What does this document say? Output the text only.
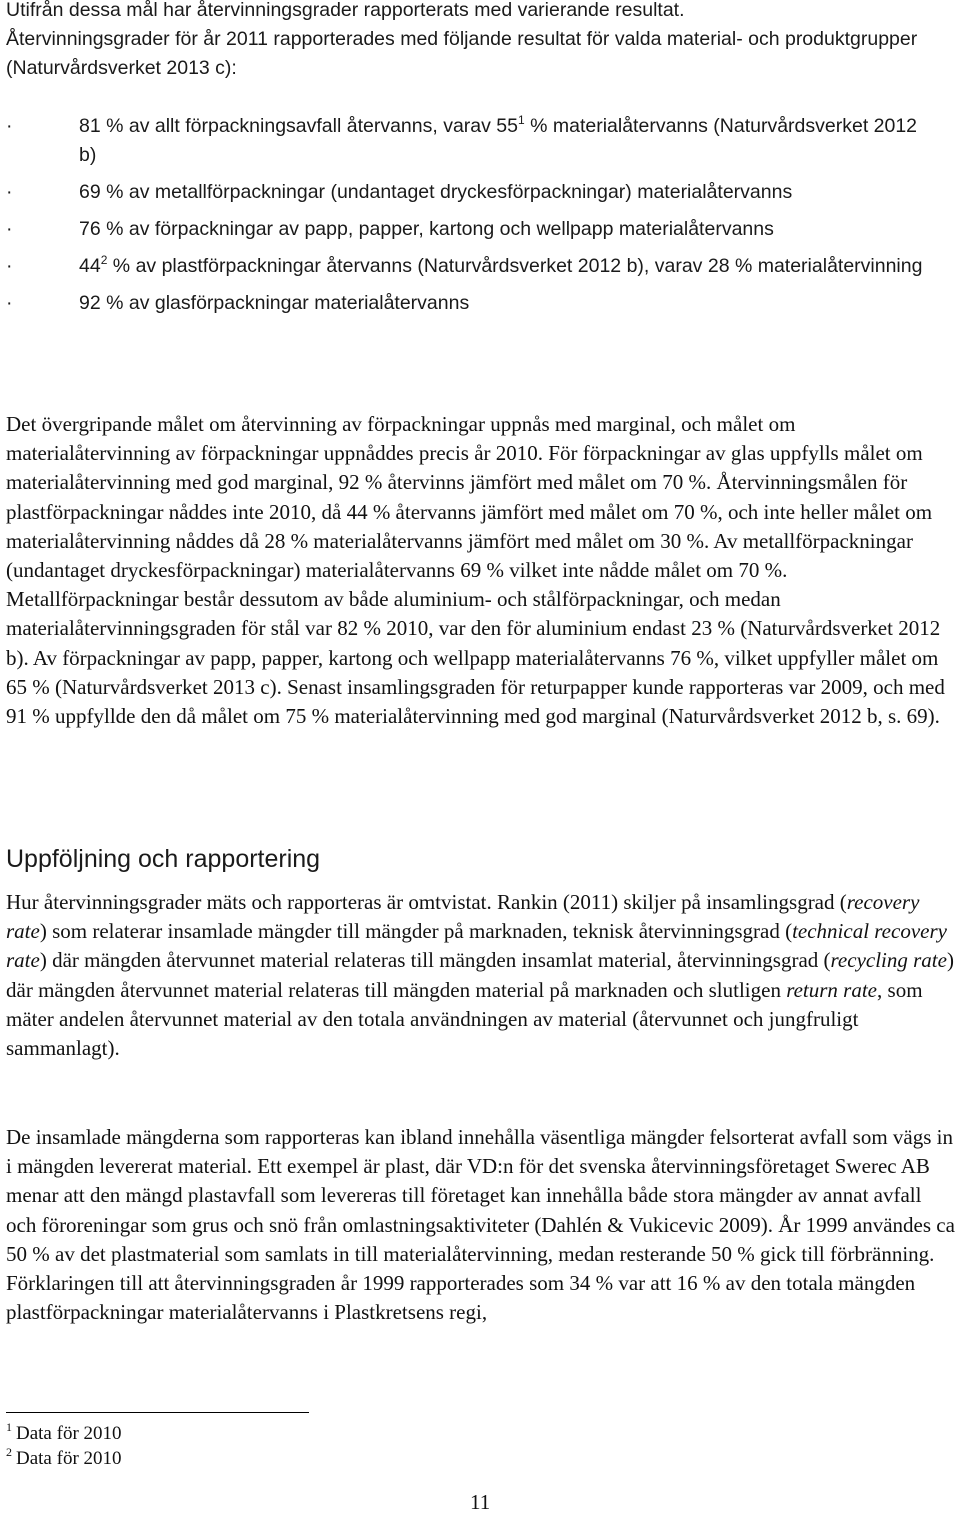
Utifrån dessa mål har återvinningsgrader rapporterats med varierande resultat.

Återvinningsgrader för år 2011 rapporterades med följande resultat för valda material- och produktgrupper (Naturvårdsverket 2013 c):

·	81 % av allt förpackningsavfall återvanns, varav $55^1$ % materialåtervanns (Naturvårdsverket 2012 b)
·	69 % av metallförpackningar (undantaget dryckesförpackningar) materialåtervanns
·	76 % av förpackningar av papp, papper, kartong och wellpapp materialåtervanns
·	$44^2$ % av plastförpackningar återvanns (Naturvårdsverket 2012 b), varav 28 % materialåtervinning
·	92 % av glasförpackningar materialåtervanns

Det övergripande målet om återvinning av förpackningar uppnås med marginal, och målet om materialåtervinning av förpackningar uppnåddes precis år 2010. För förpackningar av glas uppfylls målet om materialåtervinning med god marginal, 92 % återvinns jämfört med målet om 70 %. Återvinningsmålen för plastförpackningar nåddes inte 2010, då 44 % återvanns jämfört med målet om 70 %, och inte heller målet om materialåtervinning nåddes då 28 % materialåtervanns jämfört med målet om 30 %. Av metallförpackningar (undantaget dryckesförpackningar) materialåtervanns 69 % vilket inte nådde målet om 70 %. Metallförpackningar består dessutom av både aluminium- och stålförpackningar, och medan materialåtervinningsgraden för stål var 82 % 2010, var den för aluminium endast 23 % (Naturvårdsverket 2012 b). Av förpackningar av papp, papper, kartong och wellpapp materialåtervanns 76 %, vilket uppfyller målet om 65 % (Naturvårdsverket 2013 c). Senast insamlingsgraden för returpapper kunde rapporteras var 2009, och med 91 % uppfyllde den då målet om 75 % materialåtervinning med god marginal (Naturvårdsverket 2012 b, s. 69).

Uppföljning och rapportering

Hur återvinningsgrader mäts och rapporteras är omtvistat. Rankin (2011) skiljer på insamlingsgrad (recovery rate) som relaterar insamlade mängder till mängder på marknaden, teknisk återvinningsgrad (technical recovery rate) där mängden återvunnet material relateras till mängden insamlat material, återvinningsgrad (recycling rate) där mängden återvunnet material relateras till mängden material på marknaden och slutligen return rate, som mäter andelen återvunnet material av den totala användningen av material (återvunnet och jungfruligt sammanlagt).

De insamlade mängderna som rapporteras kan ibland innehålla väsentliga mängder felsorterat avfall som vägs in i mängden levererat material. Ett exempel är plast, där VD:n för det svenska återvinningsföretaget Swerec AB menar att den mängd plastavfall som levereras till företaget kan innehålla både stora mängder av annat avfall och föroreningar som grus och snö från omlastningsaktiviteter (Dahlén & Vukicevic 2009). År 1999 användes ca 50 % av det plastmaterial som samlats in till materialåtervinning, medan resterande 50 % gick till förbränning. Förklaringen till att återvinningsgraden år 1999 rapporterades som 34 % var att 16 % av den totala mängden plastförpackningar materialåtervanns i Plastkretsens regi,

$^1$ Data för 2010
$^2$ Data för 2010
11
